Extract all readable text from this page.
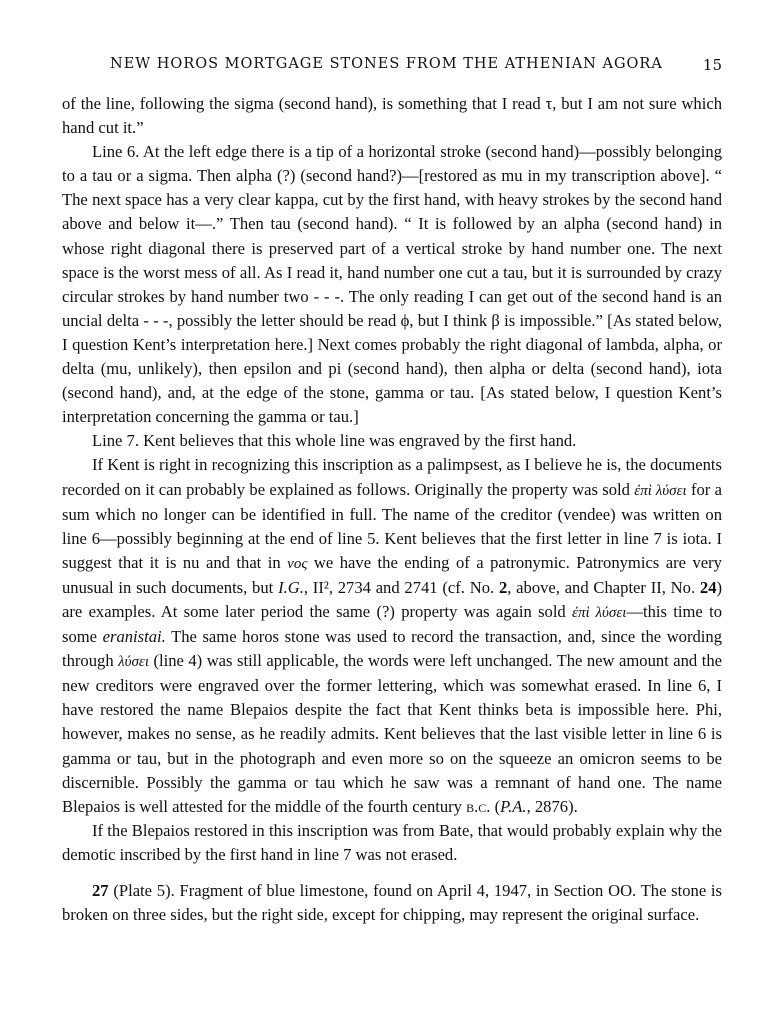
NEW HOROS MORTGAGE STONES FROM THE ATHENIAN AGORA	15

of the line, following the sigma (second hand), is something that I read τ, but I am not sure which hand cut it.”

Line 6. At the left edge there is a tip of a horizontal stroke (second hand)—possibly belonging to a tau or a sigma. Then alpha (?) (second hand?)—[restored as mu in my transcription above]. “ The next space has a very clear kappa, cut by the first hand, with heavy strokes by the second hand above and below it—.” Then tau (second hand). “ It is followed by an alpha (second hand) in whose right diagonal there is preserved part of a vertical stroke by hand number one. The next space is the worst mess of all. As I read it, hand number one cut a tau, but it is surrounded by crazy circular strokes by hand number two - - -. The only reading I can get out of the second hand is an uncial delta - - -, possibly the letter should be read ϕ, but I think β is impossible.” [As stated below, I question Kent’s interpretation here.] Next comes probably the right diagonal of lambda, alpha, or delta (mu, unlikely), then epsilon and pi (second hand), then alpha or delta (second hand), iota (second hand), and, at the edge of the stone, gamma or tau. [As stated below, I question Kent’s interpretation concerning the gamma or tau.]

Line 7. Kent believes that this whole line was engraved by the first hand.

If Kent is right in recognizing this inscription as a palimpsest, as I believe he is, the documents recorded on it can probably be explained as follows. Originally the property was sold ἐπὶ λύσει for a sum which no longer can be identified in full. The name of the creditor (vendee) was written on line 6—possibly beginning at the end of line 5. Kent believes that the first letter in line 7 is iota. I suggest that it is nu and that in νος we have the ending of a patronymic. Patronymics are very unusual in such documents, but I.G., II², 2734 and 2741 (cf. No. 2, above, and Chapter II, No. 24) are examples. At some later period the same (?) property was again sold ἐπὶ λύσει—this time to some eranistai. The same horos stone was used to record the transaction, and, since the wording through λύσει (line 4) was still applicable, the words were left unchanged. The new amount and the new creditors were engraved over the former lettering, which was somewhat erased. In line 6, I have restored the name Blepaios despite the fact that Kent thinks beta is impossible here. Phi, however, makes no sense, as he readily admits. Kent believes that the last visible letter in line 6 is gamma or tau, but in the photograph and even more so on the squeeze an omicron seems to be discernible. Possibly the gamma or tau which he saw was a remnant of hand one. The name Blepaios is well attested for the middle of the fourth century b.c. (P.A., 2876).

If the Blepaios restored in this inscription was from Bate, that would probably explain why the demotic inscribed by the first hand in line 7 was not erased.

27 (Plate 5). Fragment of blue limestone, found on April 4, 1947, in Section OO. The stone is broken on three sides, but the right side, except for chipping, may represent the original surface.
